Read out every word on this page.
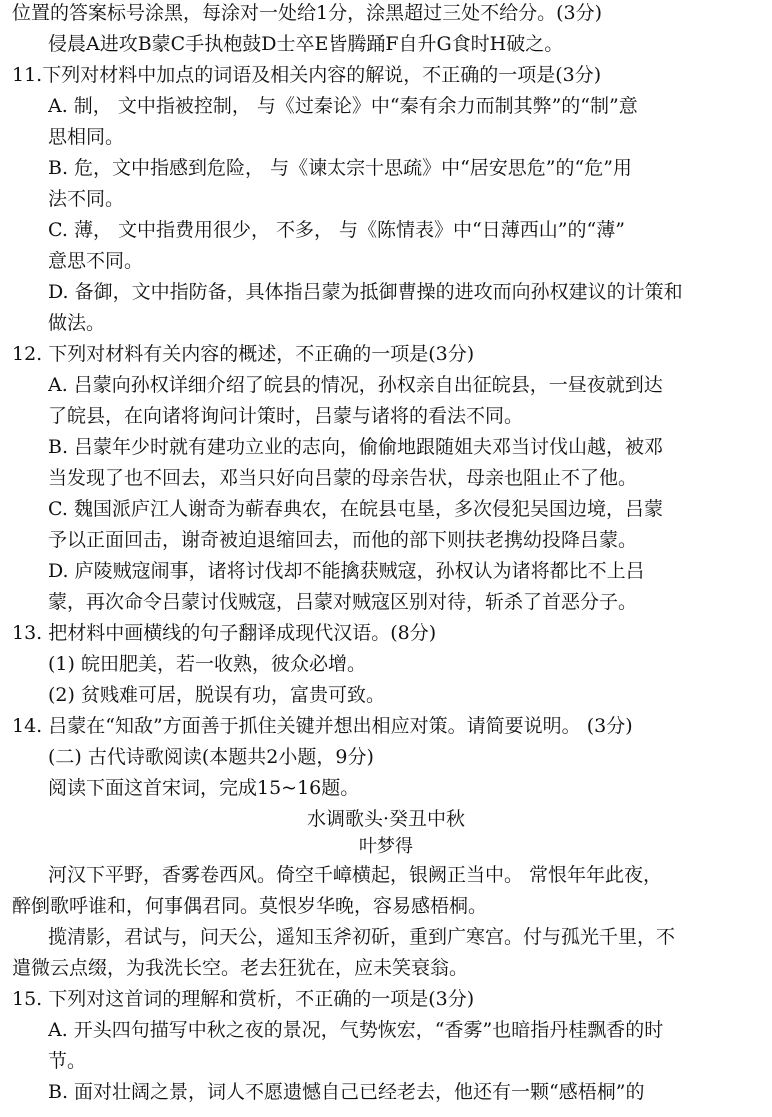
位置的答案标号涂黑，每涂对一处给1分，涂黑超过三处不给分。(3分)
侵晨A进攻B蒙C手执枹鼓D士卒E皆腾踊F自升G食时H破之。
11.下列对材料中加点的词语及相关内容的解说，不正确的一项是(3分)
A. 制， 文中指被控制， 与《过秦论》中“秦有余力而制其弊”的“制”意
思相同。
B. 危，文中指感到危险， 与《谏太宗十思疏》中“居安思危”的“危”用
法不同。
C. 薄， 文中指费用很少， 不多， 与《陈情表》中“日薄西山”的“薄”
意思不同。
D. 备御，文中指防备，具体指吕蒙为抵御曹操的进攻而向孙权建议的计策和
做法。
12. 下列对材料有关内容的概述，不正确的一项是(3分)
A. 吕蒙向孙权详细介绍了皖县的情况，孙权亲自出征皖县，一昼夜就到达
了皖县，在向诸将询问计策时，吕蒙与诸将的看法不同。
B. 吕蒙年少时就有建功立业的志向，偷偷地跟随姐夫邓当讨伐山越，被邓
当发现了也不回去，邓当只好向吕蒙的母亲告状，母亲也阻止不了他。
C. 魏国派庐江人谢奇为蕲春典农，在皖县屯垦，多次侵犯吴国边境，吕蒙
予以正面回击，谢奇被迫退缩回去，而他的部下则扶老携幼投降吕蒙。
D. 庐陵贼寇闹事，诸将讨伐却不能擒获贼寇，孙权认为诸将都比不上吕
蒙，再次命令吕蒙讨伐贼寇，吕蒙对贼寇区别对待，斩杀了首恶分子。
13. 把材料中画横线的句子翻译成现代汉语。(8分)
(1) 皖田肥美，若一收熟，彼众必增。
(2) 贫贱难可居，脱误有功，富贵可致。
14. 吕蒙在“知敌”方面善于抓住关键并想出相应对策。请简要说明。 (3分)
(二) 古代诗歌阅读(本题共2小题，9分)
阅读下面这首宋词，完成15~16题。
水调歌头·癸丑中秋
叶梦得
河汉下平野，香雾卷西风。倚空千嶂横起，银阙正当中。 常恨年年此夜，
醉倒歌呼谁和，何事偶君同。莫恨岁华晚，容易感梧桐。
揽清影，君试与，问天公，遥知玉斧初斫，重到广寒宫。付与孤光千里，不
遣微云点缀，为我洗长空。老去狂犹在，应未笑衰翁。
15. 下列对这首词的理解和赏析，不正确的一项是(3分)
A. 开头四句描写中秋之夜的景况，气势恢宏，“香雾”也暗指丹桂飘香的时
节。
B. 面对壮阔之景，词人不愿遗憾自己已经老去，他还有一颗“感梧桐”的
